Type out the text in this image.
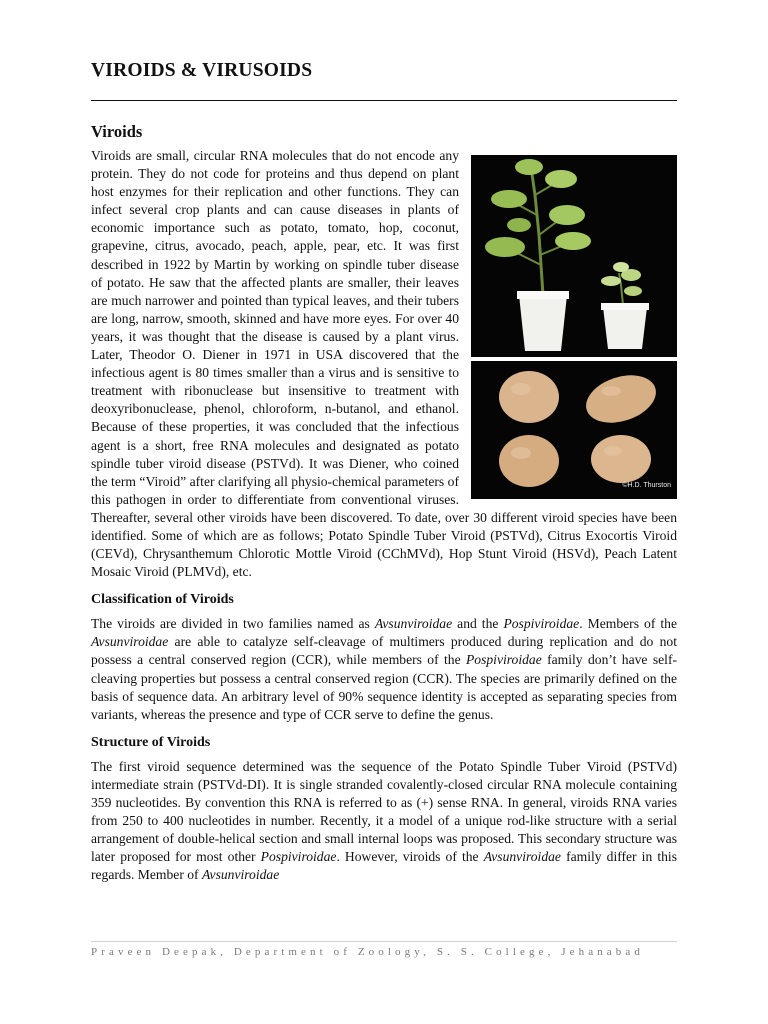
VIROIDS & VIRUSOIDS
Viroids
©H.D. Thurston

Viroids are small, circular RNA molecules that do not encode any protein. They do not code for proteins and thus depend on plant host enzymes for their replication and other functions. They can infect several crop plants and can cause diseases in plants of economic importance such as potato, tomato, hop, coconut, grapevine, citrus, avocado, peach, apple, pear, etc. It was first described in 1922 by Martin by working on spindle tuber disease of potato. He saw that the affected plants are smaller, their leaves are much narrower and pointed than typical leaves, and their tubers are long, narrow, smooth, skinned and have more eyes. For over 40 years, it was thought that the disease is caused by a plant virus. Later, Theodor O. Diener in 1971 in USA discovered that the infectious agent is 80 times smaller than a virus and is sensitive to treatment with ribonuclease but insensitive to treatment with deoxyribonuclease, phenol, chloroform, n-butanol, and ethanol. Because of these properties, it was concluded that the infectious agent is a short, free RNA molecules and designated as potato spindle tuber viroid disease (PSTVd). It was Diener, who coined the term “Viroid” after clarifying all physio-chemical parameters of this pathogen in order to differentiate from conventional viruses. Thereafter, several other viroids have been discovered. To date, over 30 different viroid species have been identified. Some of which are as follows; Potato Spindle Tuber Viroid (PSTVd), Citrus Exocortis Viroid (CEVd), Chrysanthemum Chlorotic Mottle Viroid (CChMVd), Hop Stunt Viroid (HSVd), Peach Latent Mosaic Viroid (PLMVd), etc.

Classification of Viroids

The viroids are divided in two families named as Avsunviroidae and the Pospiviroidae. Members of the Avsunviroidae are able to catalyze self-cleavage of multimers produced during replication and do not possess a central conserved region (CCR), while members of the Pospiviroidae family don’t have self-cleaving properties but possess a central conserved region (CCR). The species are primarily defined on the basis of sequence data. An arbitrary level of 90% sequence identity is accepted as separating species from variants, whereas the presence and type of CCR serve to define the genus.

Structure of Viroids

The first viroid sequence determined was the sequence of the Potato Spindle Tuber Viroid (PSTVd) intermediate strain (PSTVd-DI). It is single stranded covalently-closed circular RNA molecule containing 359 nucleotides. By convention this RNA is referred to as (+) sense RNA. In general, viroids RNA varies from 250 to 400 nucleotides in number. Recently, it a model of a unique rod-like structure with a serial arrangement of double-helical section and small internal loops was proposed. This secondary structure was later proposed for most other Pospiviroidae. However, viroids of the Avsunviroidae family differ in this regards. Member of Avsunviroidae

Praveen Deepak, Department of Zoology, S. S. College, Jehanabad
